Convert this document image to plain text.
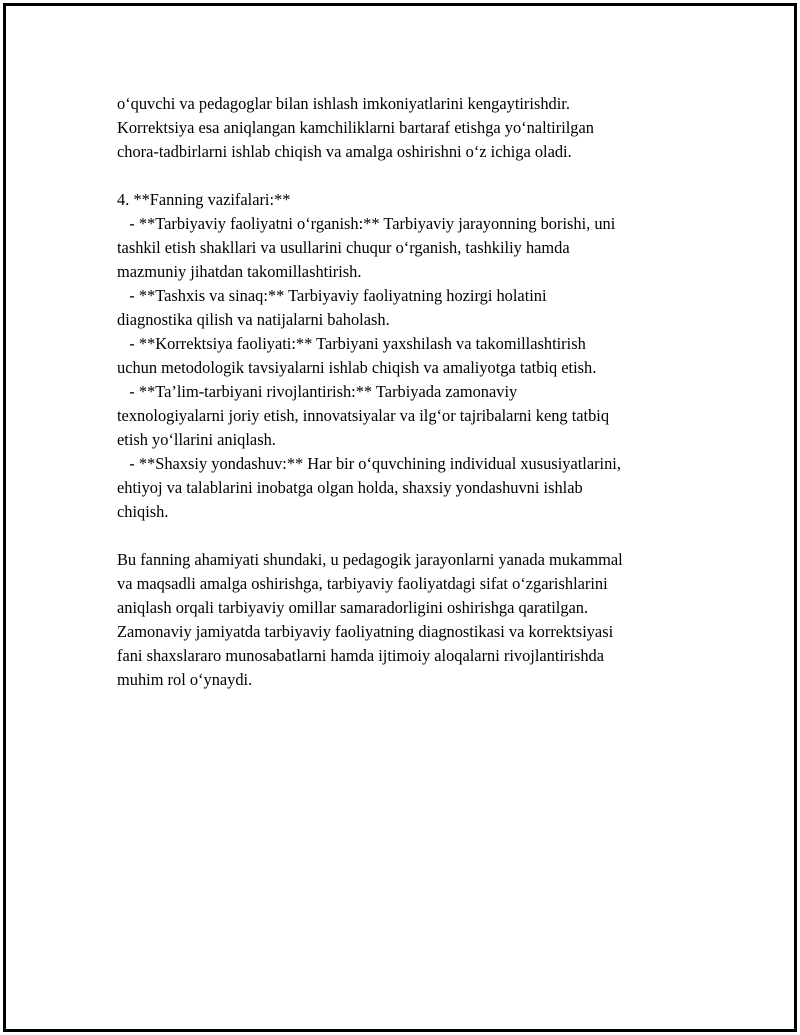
o‘quvchi va pedagoglar bilan ishlash imkoniyatlarini kengaytirishdir.
Korrektsiya esa aniqlangan kamchiliklarni bartaraf etishga yo‘naltirilgan
chora-tadbirlarni ishlab chiqish va amalga oshirishni o‘z ichiga oladi.
4. **Fanning vazifalari:**
- **Tarbiyaviy faoliyatni o‘rganish:** Tarbiyaviy jarayonning borishi, uni
tashkil etish shakllari va usullarini chuqur o‘rganish, tashkiliy hamda
mazmuniy jihatdan takomillashtirish.
- **Tashxis va sinaq:** Tarbiyaviy faoliyatning hozirgi holatini
diagnostika qilish va natijalarni baholash.
- **Korrektsiya faoliyati:** Tarbiyani yaxshilash va takomillashtirish
uchun metodologik tavsiyalarni ishlab chiqish va amaliyotga tatbiq etish.
- **Ta’lim-tarbiyani rivojlantirish:** Tarbiyada zamonaviy
texnologiyalarni joriy etish, innovatsiyalar va ilg‘or tajribalarni keng tatbiq
etish yo‘llarini aniqlash.
- **Shaxsiy yondashuv:** Har bir o‘quvchining individual xususiyatlarini,
ehtiyoj va talablarini inobatga olgan holda, shaxsiy yondashuvni ishlab
chiqish.
Bu fanning ahamiyati shundaki, u pedagogik jarayonlarni yanada mukammal
va maqsadli amalga oshirishga, tarbiyaviy faoliyatdagi sifat o‘zgarishlarini
aniqlash orqali tarbiyaviy omillar samaradorligini oshirishga qaratilgan.
Zamonaviy jamiyatda tarbiyaviy faoliyatning diagnostikasi va korrektsiyasi
fani shaxslararo munosabatlarni hamda ijtimoiy aloqalarni rivojlantirishda
muhim rol o‘ynaydi.
